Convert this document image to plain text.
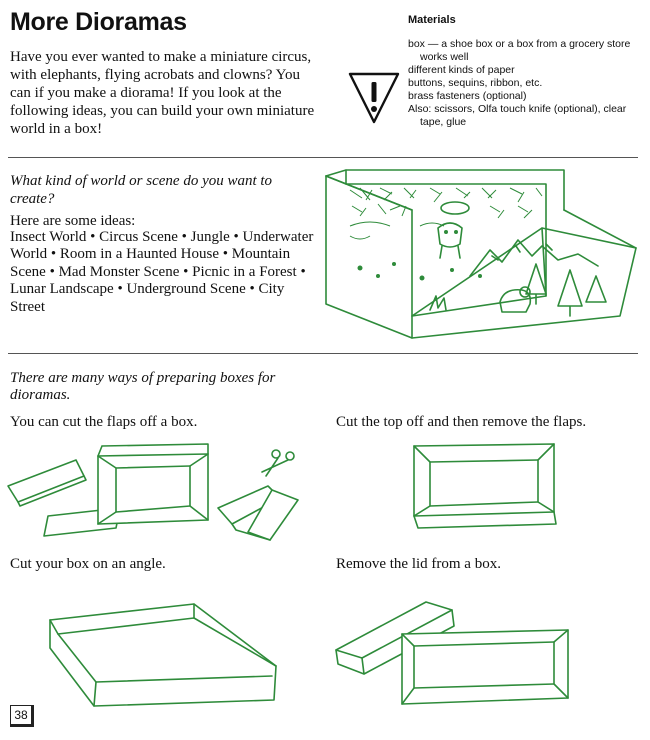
More Dioramas

Have you ever wanted to make a miniature circus, with elephants, flying acrobats and clowns? You can if you make a diorama! If you look at the following ideas, you can build your own miniature world in a box!

Materials
box — a shoe box or a box from a grocery store works well
different kinds of paper
buttons, sequins, ribbon, etc.
brass fasteners (optional)
Also: scissors, Olfa touch knife (optional), clear tape, glue

What kind of world or scene do you want to create?

Here are some ideas:

Insect World • Circus Scene • Jungle • Underwater World • Room in a Haunted House • Mountain Scene • Mad Monster Scene • Picnic in a Forest • Lunar Landscape • Underground Scene • City Street

There are many ways of preparing boxes for dioramas.

You can cut the flaps off a box.	Cut the top off and then remove the flaps.

Cut your box on an angle.	Remove the lid from a box.

38
